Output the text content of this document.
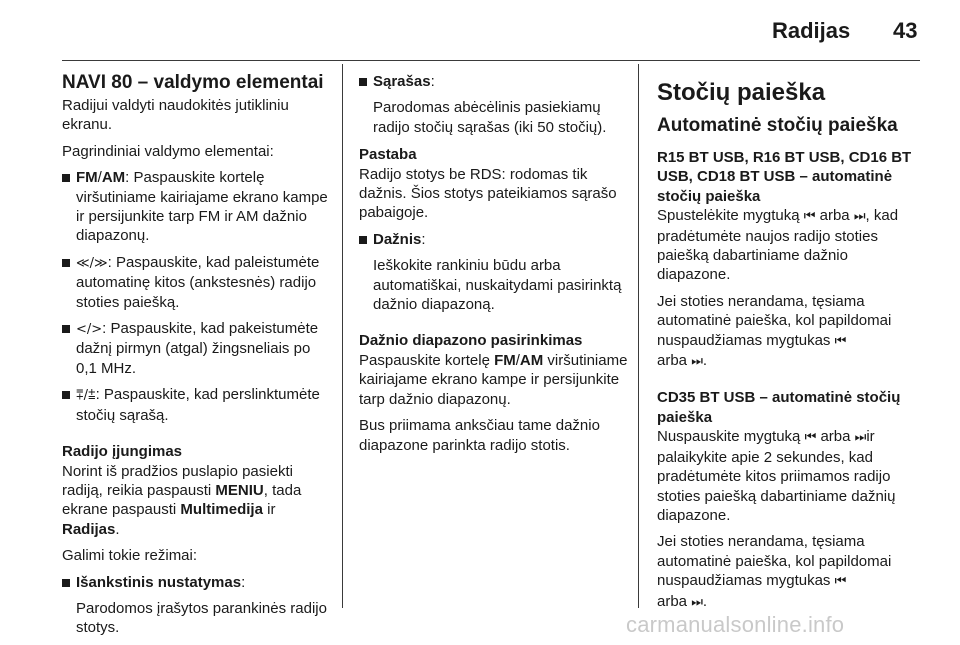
Radijas 43
NAVI 80 – valdymo elementai

Radijui valdyti naudokitės jutikliniu ekranu.

Pagrindiniai valdymo elementai:

FM/AM: Paspauskite kortelę viršutiniame kairiajame ekrano kampe ir persijunkite tarp FM ir AM dažnio diapazonų.
≪/≫: Paspauskite, kad paleistumėte automatinę kitos (ankstesnės) radijo stoties paiešką.
</>: Paspauskite, kad pakeistumėte dažnį pirmyn (atgal) žingsneliais po 0,1 MHz.
⩱/⩲: Paspauskite, kad perslinktumėte stočių sąrašą.
Radijo įjungimas

Norint iš pradžios puslapio pasiekti radiją, reikia paspausti MENIU, tada ekrane paspausti Multimedija ir Radijas.

Galimi tokie režimai:

Išankstinis nustatymas:
Parodomos įrašytos parankinės radijo stotys.
Sąrašas:
Parodomas abėcėlinis pasiekiamų radijo stočių sąrašas (iki 50 stočių).
Pastaba

Radijo stotys be RDS: rodomas tik dažnis. Šios stotys pateikiamos sąrašo pabaigoje.

Dažnis:
Ieškokite rankiniu būdu arba automatiškai, nuskaitydami pasirinktą dažnio diapazoną.
Dažnio diapazono pasirinkimas

Paspauskite kortelę FM/AM viršutiniame kairiajame ekrano kampe ir persijunkite tarp dažnio diapazonų.

Bus priimama anksčiau tame dažnio diapazone parinkta radijo stotis.

Stočių paieška
Automatinė stočių paieška
R15 BT USB, R16 BT USB, CD16 BT USB, CD18 BT USB – automatinė stočių paieška

Spustelėkite mygtuką ⏮ arba ⏭, kad pradėtumėte naujos radijo stoties paiešką dabartiniame dažnio diapazone.

Jei stoties nerandama, tęsiama automatinė paieška, kol papildomai nuspaudžiamas mygtukas ⏮
arba ⏭.

CD35 BT USB – automatinė stočių paieška

Nuspauskite mygtuką ⏮ arba ⏭ir palaikykite apie 2 sekundes, kad pradėtumėte kitos priimamos radijo stoties paiešką dabartiniame dažnių diapazone.

Jei stoties nerandama, tęsiama automatinė paieška, kol papildomai nuspaudžiamas mygtukas ⏮
arba ⏭.

carmanualsonline.info
